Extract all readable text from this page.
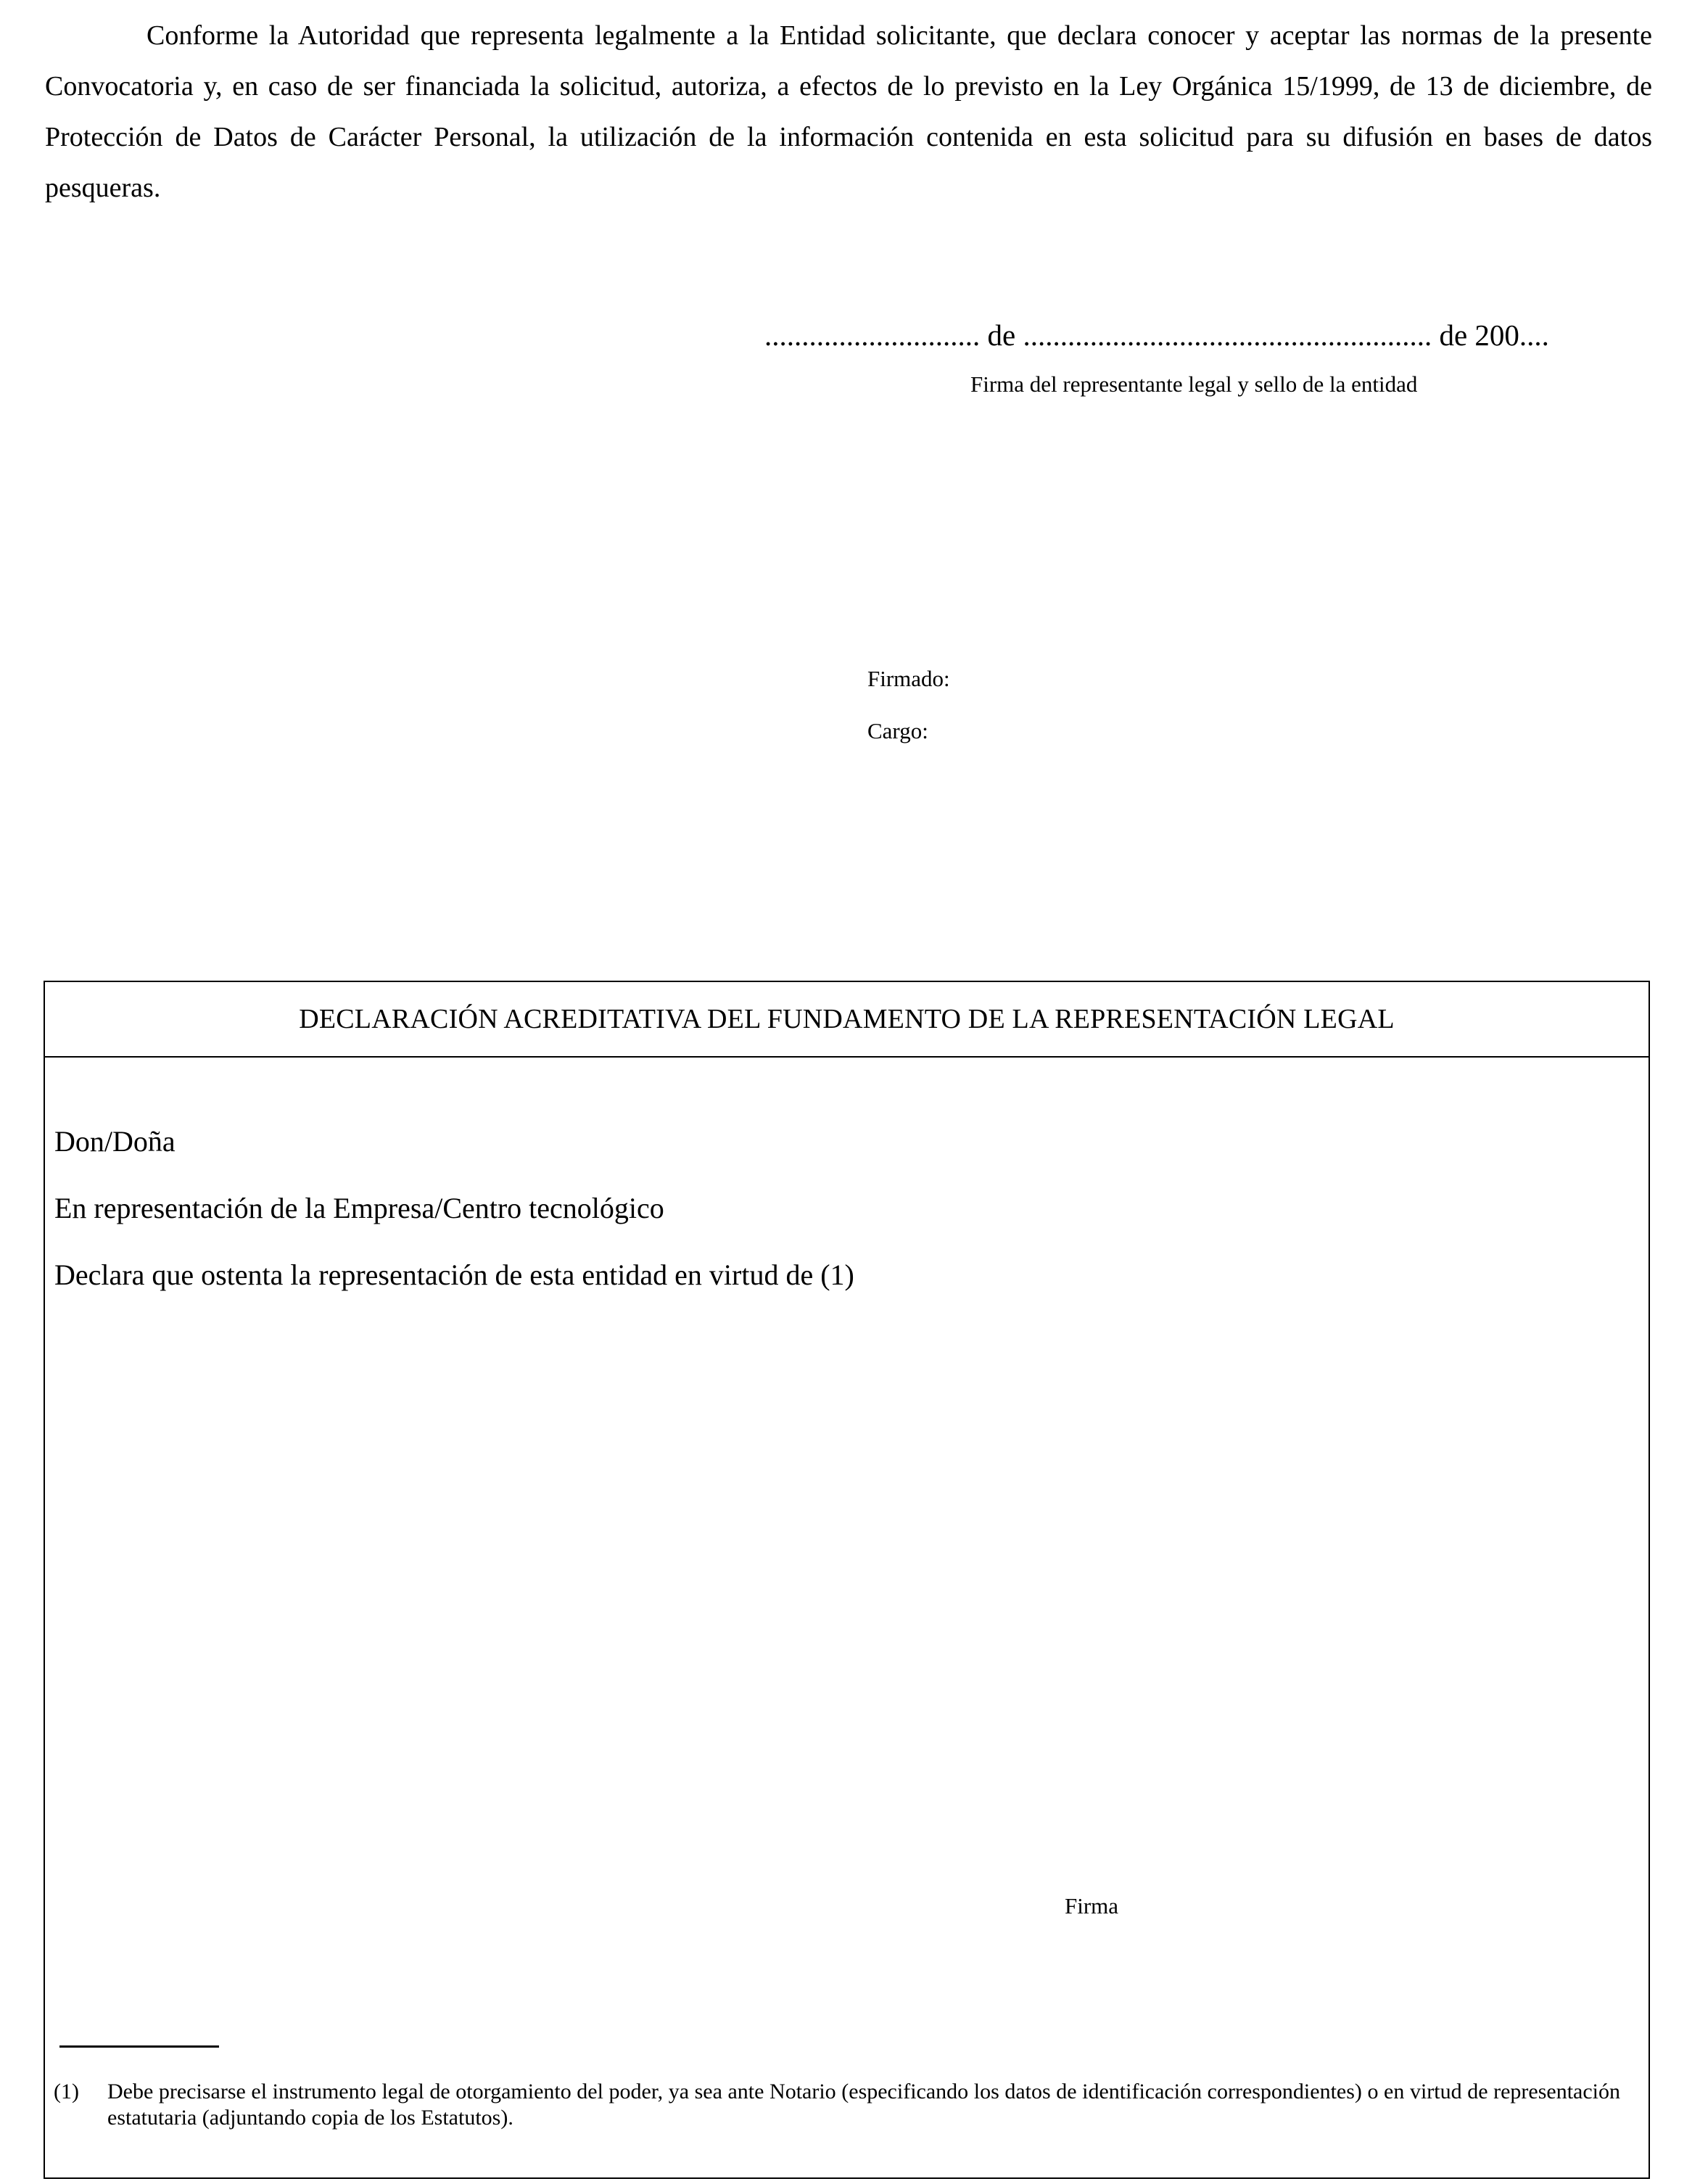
Conforme la Autoridad que representa legalmente a la Entidad solicitante, que declara conocer y aceptar las normas de la presente Convocatoria y, en caso de ser financiada la solicitud, autoriza, a efectos de lo previsto en la Ley Orgánica 15/1999, de 13 de diciembre, de Protección de Datos de Carácter Personal, la utilización de la información contenida en esta solicitud para su difusión en bases de datos pesqueras.

............................. de ....................................................... de 200....

Firma del representante legal y sello de la entidad

Firmado:

Cargo:

DECLARACIÓN ACREDITATIVA DEL FUNDAMENTO DE LA REPRESENTACIÓN LEGAL

Don/Doña

En representación de la Empresa/Centro tecnológico

Declara que ostenta la representación de esta entidad en virtud de (1)

Firma

(1) Debe precisarse el instrumento legal de otorgamiento del poder, ya sea ante Notario (especificando los datos de identificación correspondientes) o en virtud de representación estatutaria (adjuntando copia de los Estatutos).
